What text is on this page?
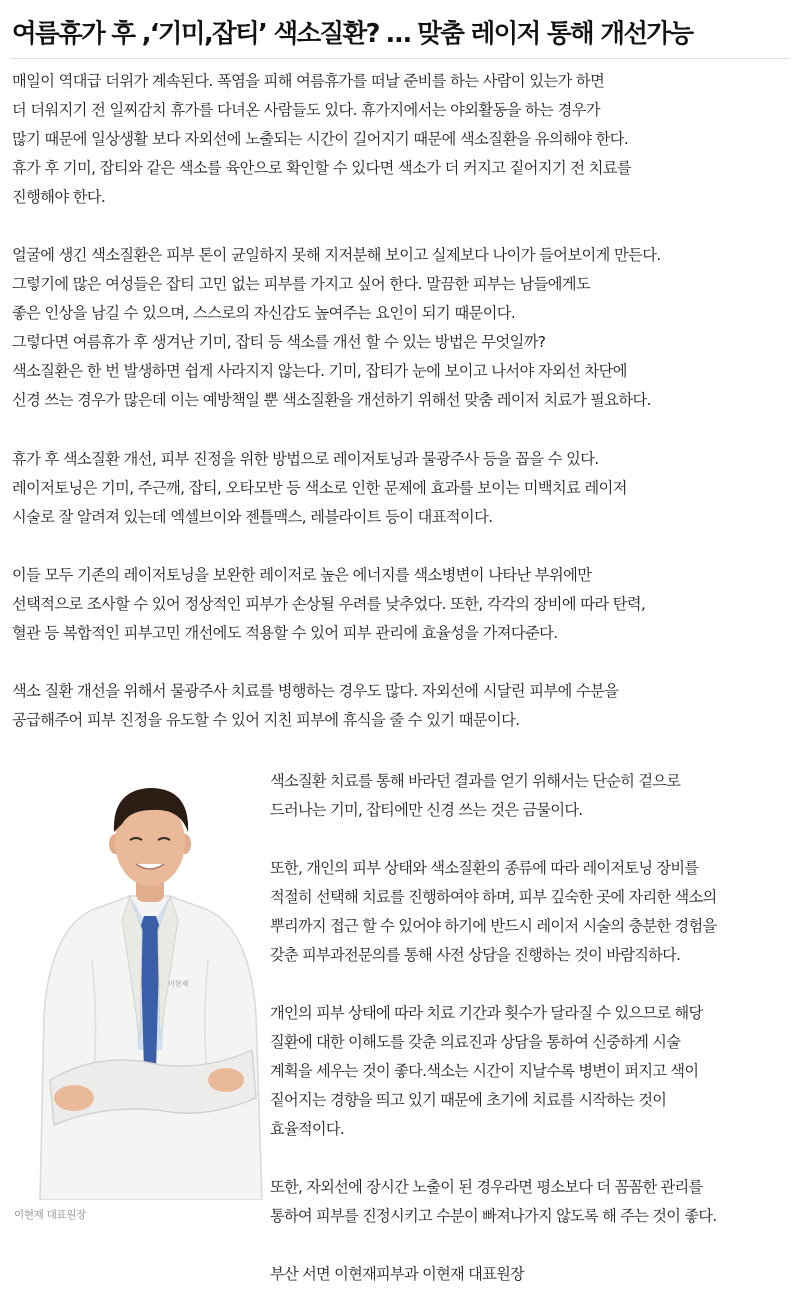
여름휴가 후 ,‘기미,잡티’ 색소질환? … 맞춤 레이저 통해 개선가능
매일이 역대급 더위가 계속된다. 폭염을 피해 여름휴가를 떠날 준비를 하는 사람이 있는가 하면
더 더워지기 전 일찌감치 휴가를 다녀온 사람들도 있다. 휴가지에서는 야외활동을 하는 경우가
많기 때문에 일상생활 보다 자외선에 노출되는 시간이 길어지기 때문에 색소질환을 유의해야 한다.
휴가 후 기미, 잡티와 같은 색소를 육안으로 확인할 수 있다면 색소가 더 커지고 짙어지기 전 치료를
진행해야 한다.
얼굴에 생긴 색소질환은 피부 톤이 균일하지 못해 지저분해 보이고 실제보다 나이가 들어보이게 만든다.
그렇기에 많은 여성들은 잡티 고민 없는 피부를 가지고 싶어 한다. 말끔한 피부는 남들에게도
좋은 인상을 남길 수 있으며, 스스로의 자신감도 높여주는 요인이 되기 때문이다.
그렇다면 여름휴가 후 생겨난 기미, 잡티 등 색소를 개선 할 수 있는 방법은 무엇일까?
색소질환은 한 번 발생하면 쉽게 사라지지 않는다. 기미, 잡티가 눈에 보이고 나서야 자외선 차단에
신경 쓰는 경우가 많은데 이는 예방책일 뿐 색소질환을 개선하기 위해선 맞춤 레이저 치료가 필요하다.
휴가 후 색소질환 개선, 피부 진정을 위한 방법으로 레이저토닝과 물광주사 등을 꼽을 수 있다.
레이저토닝은 기미, 주근깨, 잡티, 오타모반 등 색소로 인한 문제에 효과를 보이는 미백치료 레이저
시술로 잘 알려져 있는데 엑셀브이와 젠틀맥스, 레블라이트 등이 대표적이다.
이들 모두 기존의 레이저토닝을 보완한 레이저로 높은 에너지를 색소병변이 나타난 부위에만
선택적으로 조사할 수 있어 정상적인 피부가 손상될 우려를 낮추었다. 또한, 각각의 장비에 따라 탄력,
혈관 등 복합적인 피부고민 개선에도 적용할 수 있어 피부 관리에 효율성을 가져다준다.
색소 질환 개선을 위해서 물광주사 치료를 병행하는 경우도 많다. 자외선에 시달린 피부에 수분을
공급해주어 피부 진정을 유도할 수 있어 지친 피부에 휴식을 줄 수 있기 때문이다.
이현재
이현재 대표원장
색소질환 치료를 통해 바라던 결과를 얻기 위해서는 단순히 겉으로
드러나는 기미, 잡티에만 신경 쓰는 것은 금물이다.
또한, 개인의 피부 상태와 색소질환의 종류에 따라 레이저토닝 장비를
적절히 선택해 치료를 진행하여야 하며, 피부 깊숙한 곳에 자리한 색소의
뿌리까지 접근 할 수 있어야 하기에 반드시 레이저 시술의 충분한 경험을
갖춘 피부과전문의를 통해 사전 상담을 진행하는 것이 바람직하다.
개인의 피부 상태에 따라 치료 기간과 횟수가 달라질 수 있으므로 해당
질환에 대한 이해도를 갖춘 의료진과 상담을 통하여 신중하게 시술
계획을 세우는 것이 좋다.색소는 시간이 지날수록 병변이 퍼지고 색이
짙어지는 경향을 띄고 있기 때문에 초기에 치료를 시작하는 것이
효율적이다.
또한, 자외선에 장시간 노출이 된 경우라면 평소보다 더 꼼꼼한 관리를
통하여 피부를 진정시키고 수분이 빠져나가지 않도록 해 주는 것이 좋다.
부산 서면 이현재피부과 이현재 대표원장
